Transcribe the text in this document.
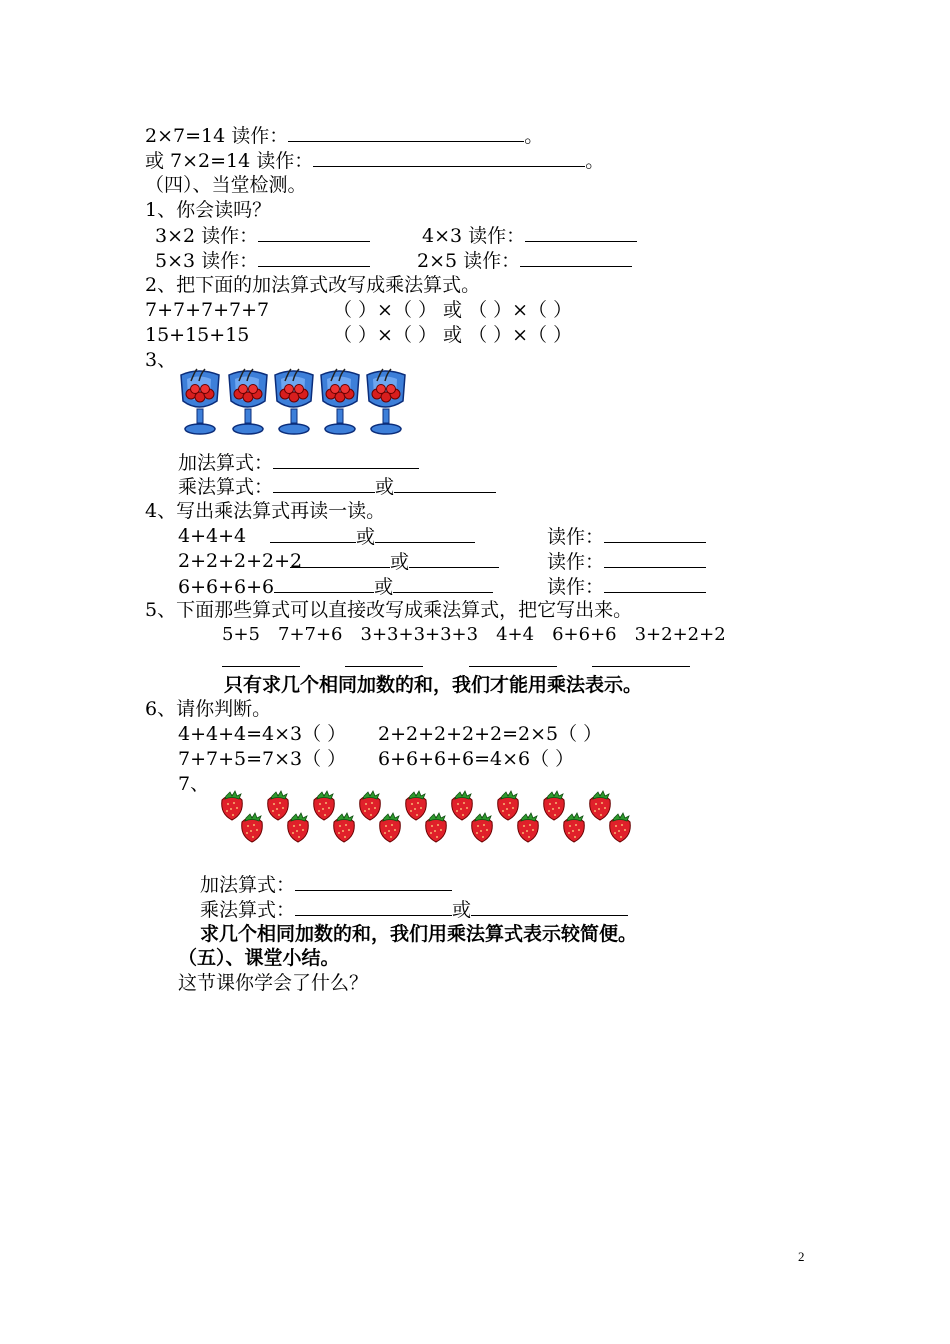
2×7=14 读作：	。
或 7×2=14 读作：	。
（四）、当堂检测。
1、你会读吗？
3×2 读作：	4×3 读作：
5×3 读作：	2×5 读作：
2、把下面的加法算式改写成乘法算式。
7+7+7+7+7	（ ）×（ ） 或 （ ）×（ ）
15+15+15	（ ）×（ ） 或 （ ）×（ ）
3、
加法算式：
乘法算式：	或
4、写出乘法算式再读一读。
4+4+4	或	读作：
2+2+2+2+2	或	读作：
6+6+6+6	或	读作：
5、下面那些算式可以直接改写成乘法算式，把它写出来。
5+5　7+7+6　3+3+3+3+3　4+4　6+6+6　3+2+2+2
只有求几个相同加数的和，我们才能用乘法表示。
6、请你判断。
4+4+4=4×3（ ） 2+2+2+2+2=2×5（ ）
7+7+5=7×3（ ） 6+6+6+6=4×6（ ）
7、
加法算式：
乘法算式：	或
求几个相同加数的和，我们用乘法算式表示较简便。
（五）、课堂小结。
这节课你学会了什么？
2
